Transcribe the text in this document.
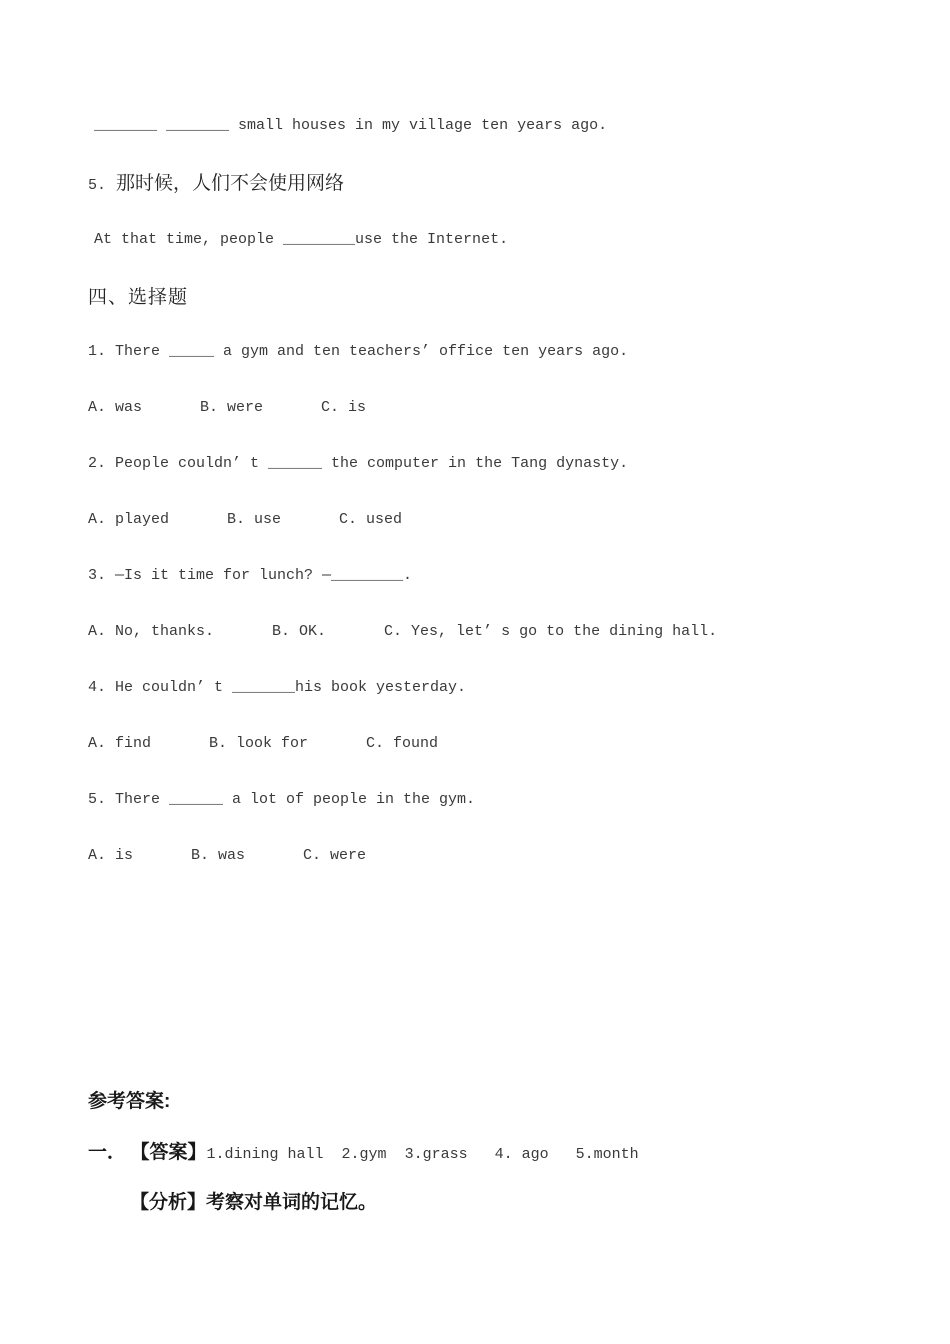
_______ _______ small houses in my village ten years ago.

5. 那时候，人们不会使用网络

At that time, people ________use the Internet.

四、选择题

1. There _____ a gym and ten teachers’ office ten years ago.

A. was	B. were	C. is

2. People couldn’ t ______ the computer in the Tang dynasty.

A. played	B. use	C. used

3. —Is it time for lunch? —________.

A. No, thanks.	B. OK.	C. Yes, let’ s go to the dining hall.

4. He couldn’ t _______his book yesterday.

A. find	B. look for	C. found

5. There ______ a lot of people in the gym.

A. is	B. was	C. were

参考答案:

一． 【答案】1.dining hall  2.gym  3.grass   4. ago   5.month

【分析】考察对单词的记忆。
